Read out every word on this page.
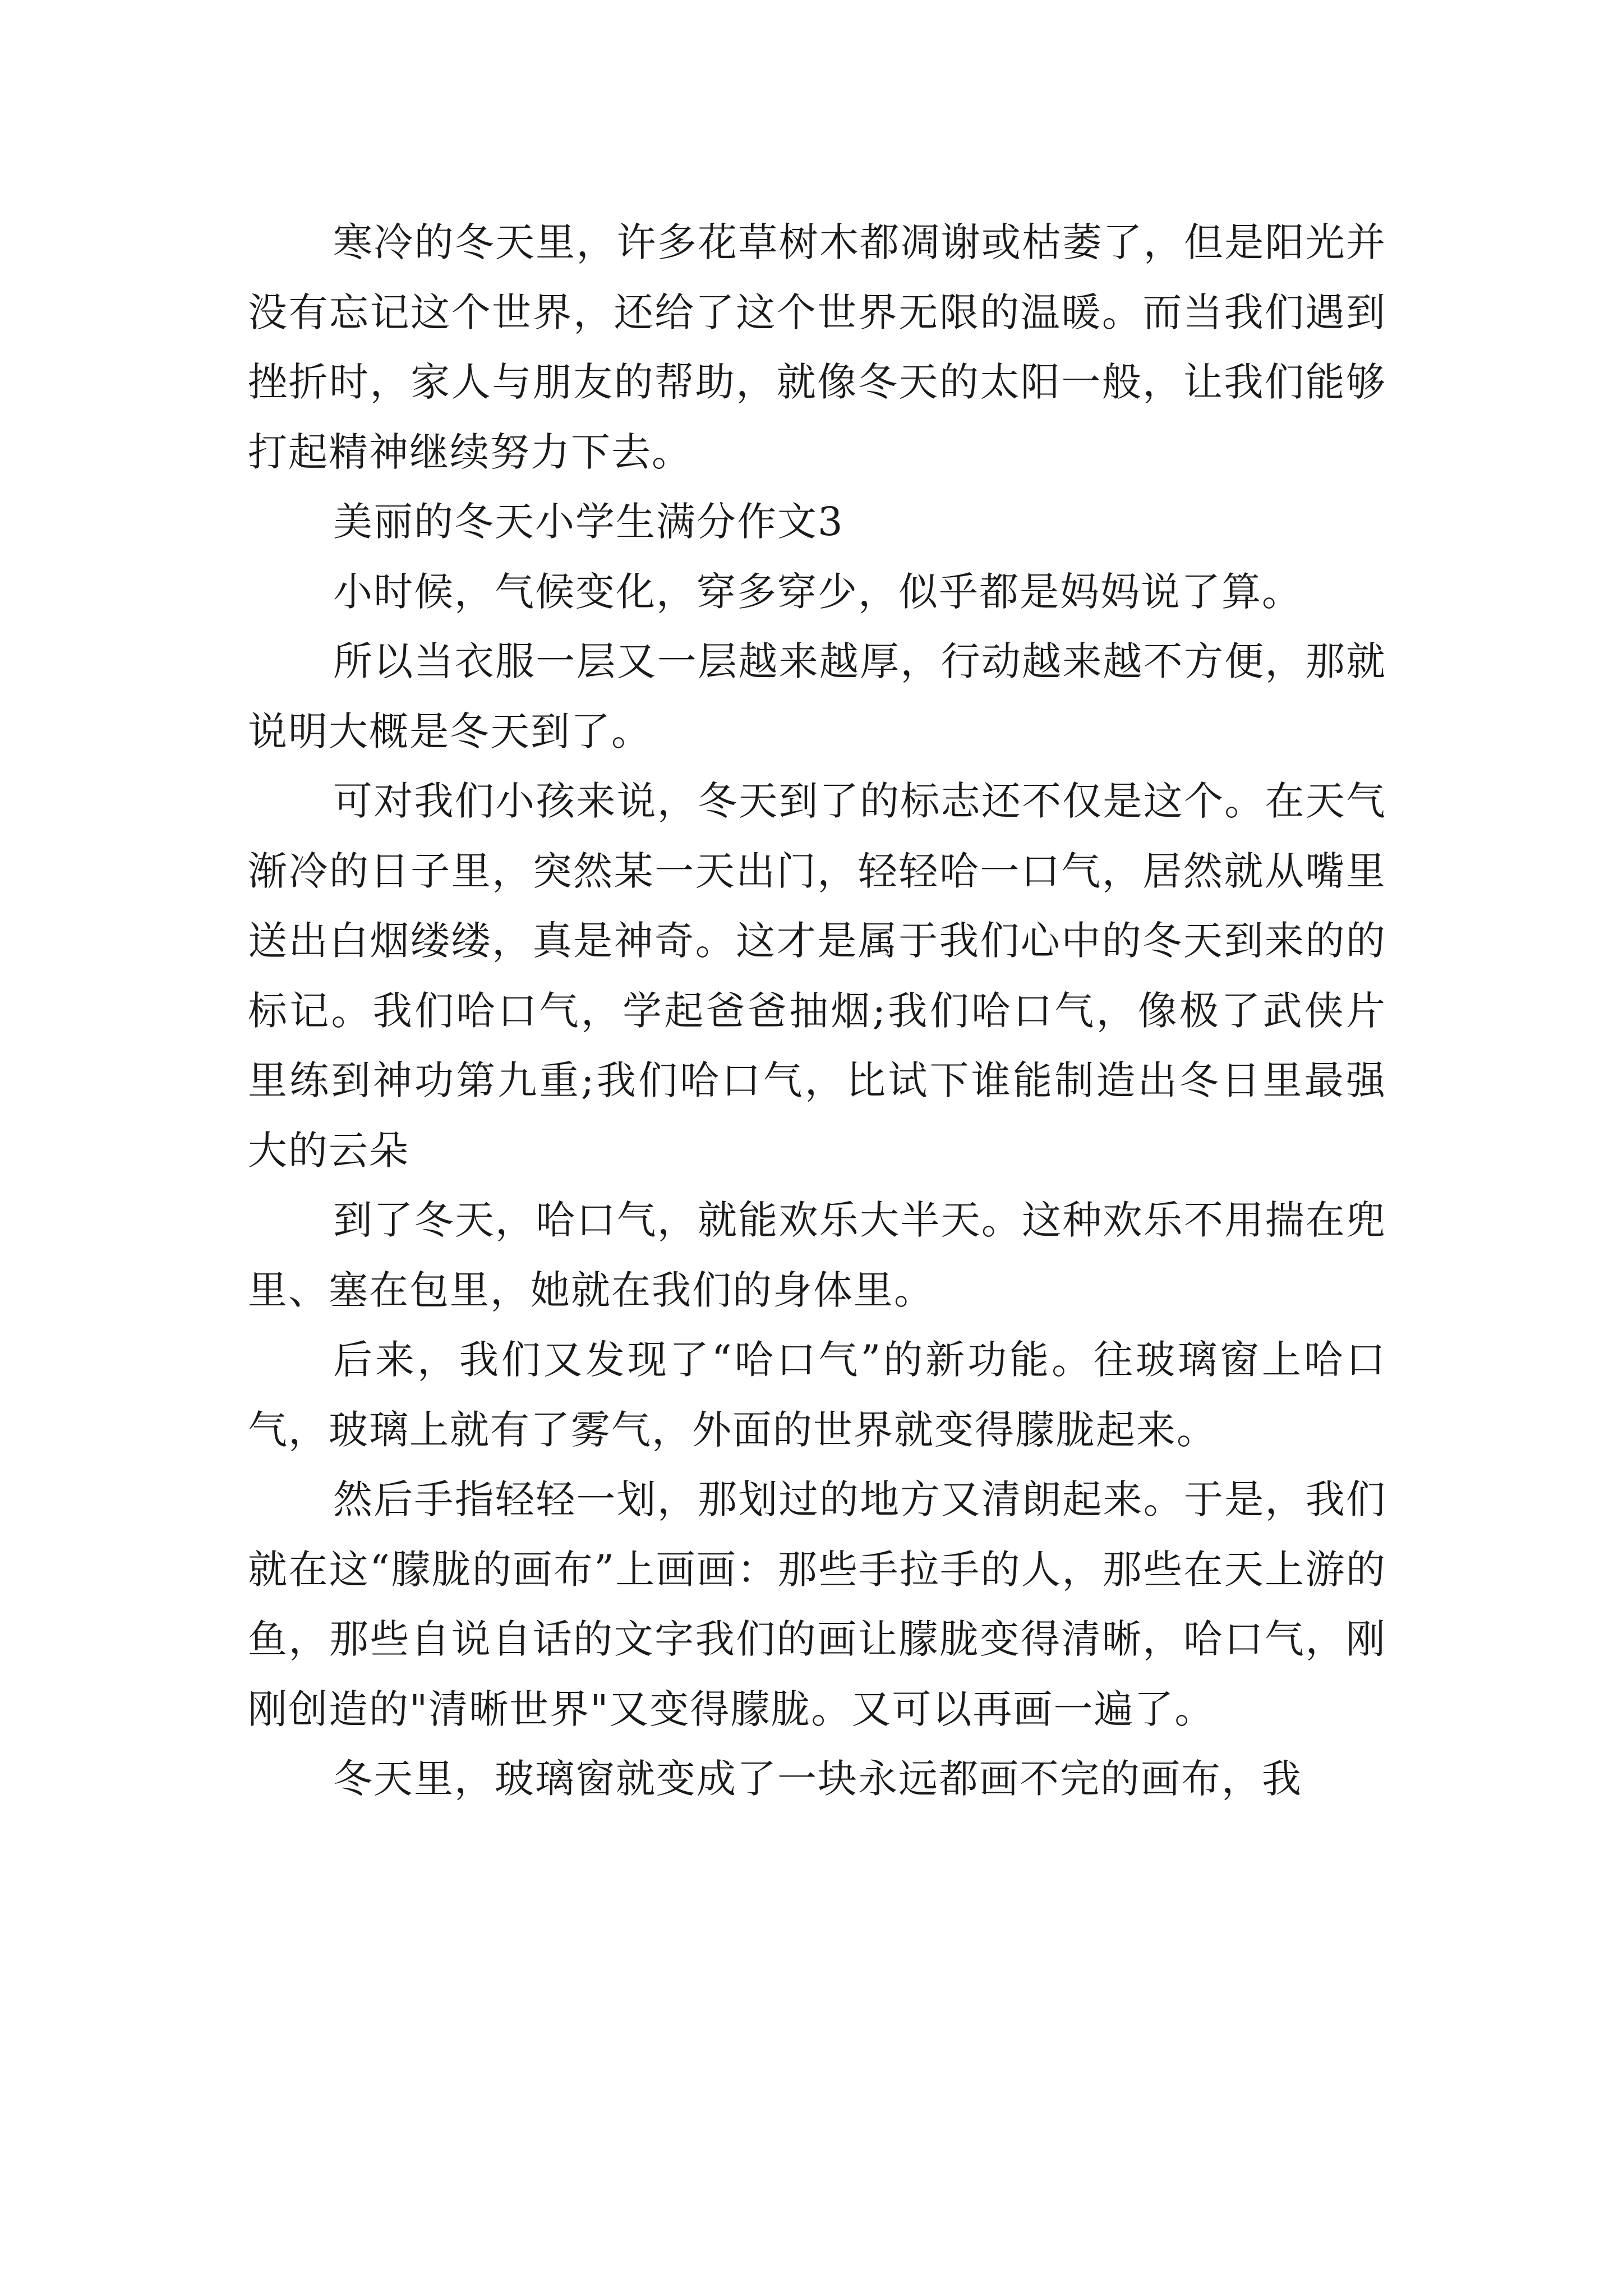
寒冷的冬天里，许多花草树木都凋谢或枯萎了，但是阳光并没有忘记这个世界，还给了这个世界无限的温暖。而当我们遇到挫折时，家人与朋友的帮助，就像冬天的太阳一般，让我们能够打起精神继续努力下去。

美丽的冬天小学生满分作文3

小时候，气候变化，穿多穿少，似乎都是妈妈说了算。

所以当衣服一层又一层越来越厚，行动越来越不方便，那就说明大概是冬天到了。

可对我们小孩来说，冬天到了的标志还不仅是这个。在天气渐冷的日子里，突然某一天出门，轻轻哈一口气，居然就从嘴里送出白烟缕缕，真是神奇。这才是属于我们心中的冬天到来的的标记。我们哈口气，学起爸爸抽烟;我们哈口气，像极了武侠片里练到神功第九重;我们哈口气，比试下谁能制造出冬日里最强大的云朵

到了冬天，哈口气，就能欢乐大半天。这种欢乐不用揣在兜里、塞在包里，她就在我们的身体里。

后来，我们又发现了“哈口气”的新功能。往玻璃窗上哈口气，玻璃上就有了雾气，外面的世界就变得朦胧起来。

然后手指轻轻一划，那划过的地方又清朗起来。于是，我们就在这“朦胧的画布”上画画：那些手拉手的人，那些在天上游的鱼，那些自说自话的文字我们的画让朦胧变得清晰，哈口气，刚刚创造的"清晰世界"又变得朦胧。又可以再画一遍了。

冬天里，玻璃窗就变成了一块永远都画不完的画布，我
